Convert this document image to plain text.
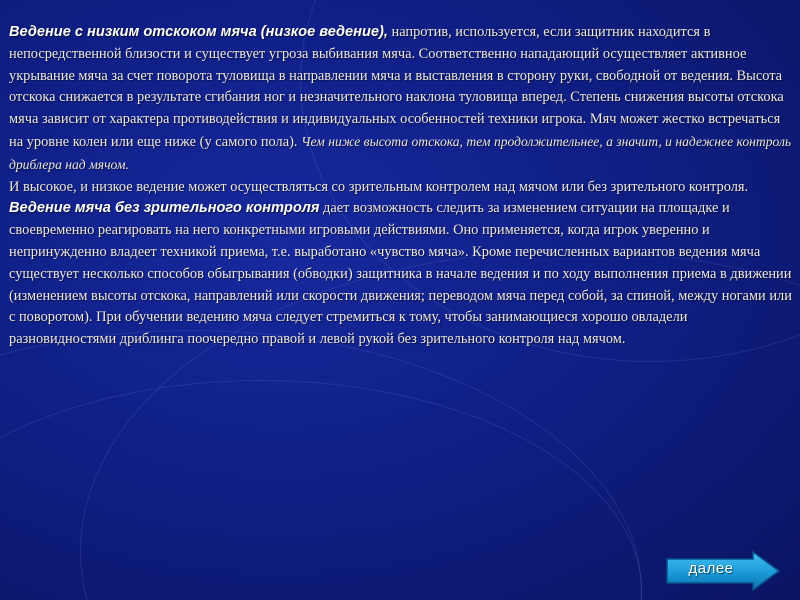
Ведение с низким отскоком мяча (низкое ведение), напротив, используется, если защитник находится в непосредственной близости и существует угроза выбивания мяча. Соответственно нападающий осуществляет активное укрывание мяча за счет поворота туловища в направлении мяча и выставления в сторону руки, свободной от ведения. Высота отскока снижается в результате сгибания ног и незначительного наклона туловища вперед. Степень снижения высоты отскока мяча зависит от характера противодействия и индивидуальных особенностей техники игрока. Мяч может жестко встречаться на уровне колен или еще ниже (у самого пола). Чем ниже высота отскока, тем продолжительнее, а значит, и надежнее контроль дриблера над мячом.

И высокое, и низкое ведение может осуществляться со зрительным контролем над мячом или без зрительного контроля.

Ведение мяча без зрительного контроля дает возможность следить за изменением ситуации на площадке и своевременно реагировать на него конкретными игровыми действиями. Оно применяется, когда игрок уверенно и непринужденно владеет техникой приема, т.е. выработано «чувство мяча». Кроме перечисленных вариантов ведения мяча существует несколько способов обыгрывания (обводки) защитника в начале ведения и по ходу выполнения приема в движении (изменением высоты отскока, направлений или скорости движения; переводом мяча перед собой, за спиной, между ногами или с поворотом). При обучении ведению мяча следует стремиться к тому, чтобы занимающиеся хорошо овладели разновидностями дриблинга поочередно правой и левой рукой без зрительного контроля над мячом.

далее
